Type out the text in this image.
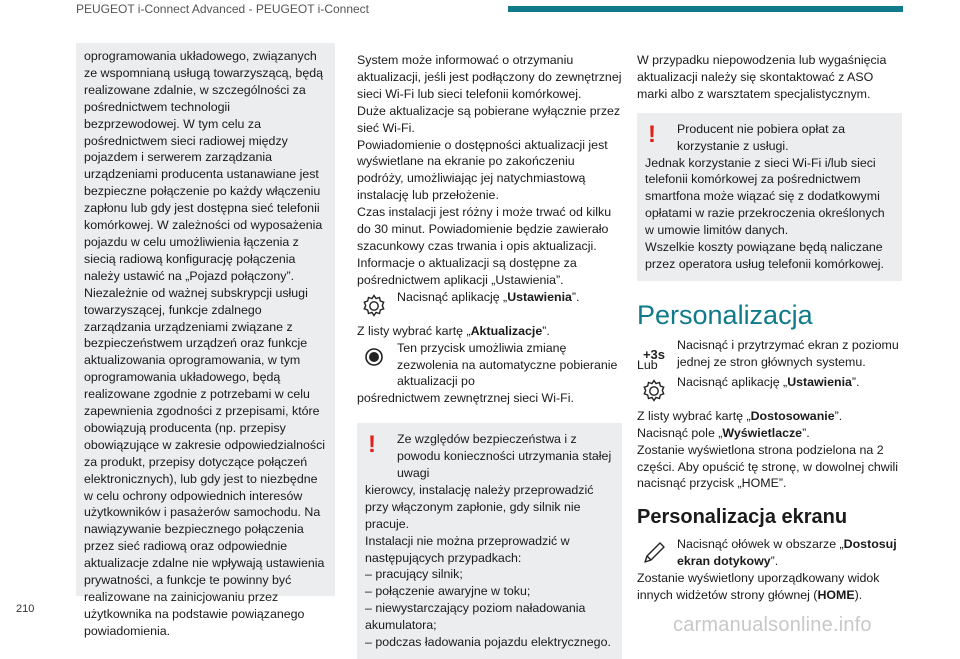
PEUGEOT i-Connect Advanced - PEUGEOT i-Connect

oprogramowania układowego, związanych ze wspomnianą usługą towarzyszącą, będą realizowane zdalnie, w szczególności za pośrednictwem technologii bezprzewodowej. W tym celu za pośrednictwem sieci radiowej między pojazdem i serwerem zarządzania urządzeniami producenta ustanawiane jest bezpieczne połączenie po każdy włączeniu zapłonu lub gdy jest dostępna sieć telefonii komórkowej. W zależności od wyposażenia pojazdu w celu umożliwienia łączenia z siecią radiową konfigurację połączenia należy ustawić na „Pojazd połączony”. Niezależnie od ważnej subskrypcji usługi towarzyszącej, funkcje zdalnego zarządzania urządzeniami związane z bezpieczeństwem urządzeń oraz funkcje aktualizowania oprogramowania, w tym oprogramowania układowego, będą realizowane zgodnie z potrzebami w celu zapewnienia zgodności z przepisami, które obowiązują producenta (np. przepisy obowiązujące w zakresie odpowiedzialności za produkt, przepisy dotyczące połączeń elektronicznych), lub gdy jest to niezbędne w celu ochrony odpowiednich interesów użytkowników i pasażerów samochodu. Na nawiązywanie bezpiecznego połączenia przez sieć radiową oraz odpowiednie aktualizacje zdalne nie wpływają ustawienia prywatności, a funkcje te powinny być realizowane na zainicjowaniu przez użytkownika na podstawie powiązanego powiadomienia.

System może informować o otrzymaniu aktualizacji, jeśli jest podłączony do zewnętrznej sieci Wi-Fi lub sieci telefonii komórkowej.

Duże aktualizacje są pobierane wyłącznie przez sieć Wi-Fi.

Powiadomienie o dostępności aktualizacji jest wyświetlane na ekranie po zakończeniu podróży, umożliwiając jej natychmiastową instalację lub przełożenie.

Czas instalacji jest różny i może trwać od kilku do 30 minut. Powiadomienie będzie zawierało szacunkowy czas trwania i opis aktualizacji.

Informacje o aktualizacji są dostępne za pośrednictwem aplikacji „Ustawienia”.

Nacisnąć aplikację „Ustawienia”.

Z listy wybrać kartę „Aktualizacje”.

Ten przycisk umożliwia zmianę zezwolenia na automatyczne pobieranie aktualizacji po

pośrednictwem zewnętrznej sieci Wi-Fi.

!	Ze względów bezpieczeństwa i z powodu konieczności utrzymania stałej uwagi

kierowcy, instalację należy przeprowadzić przy włączonym zapłonie, gdy silnik nie pracuje.

Instalacji nie można przeprowadzić w następujących przypadkach:

– pracujący silnik;

– połączenie awaryjne w toku;

– niewystarczający poziom naładowania akumulatora;

– podczas ładowania pojazdu elektrycznego.

W przypadku niepowodzenia lub wygaśnięcia aktualizacji należy się skontaktować z ASO marki albo z warsztatem specjalistycznym.

!	Producent nie pobiera opłat za korzystanie z usługi.

Jednak korzystanie z sieci Wi-Fi i/lub sieci telefonii komórkowej za pośrednictwem smartfona może wiązać się z dodatkowymi opłatami w razie przekroczenia określonych w umowie limitów danych.

Wszelkie koszty powiązane będą naliczane przez operatora usług telefonii komórkowej.

Personalizacja
+3s

Nacisnąć i przytrzymać ekran z poziomu jednej ze stron głównych systemu.

Lub

Nacisnąć aplikację „Ustawienia”.

Z listy wybrać kartę „Dostosowanie”.

Nacisnąć pole „Wyświetlacze”.

Zostanie wyświetlona strona podzielona na 2 części. Aby opuścić tę stronę, w dowolnej chwili nacisnąć przycisk „HOME”.

Personalizacja ekranu

Nacisnąć ołówek w obszarze „Dostosuj ekran dotykowy”.

Zostanie wyświetlony uporządkowany widok innych widżetów strony głównej (HOME).

210
carmanualsonline.info
